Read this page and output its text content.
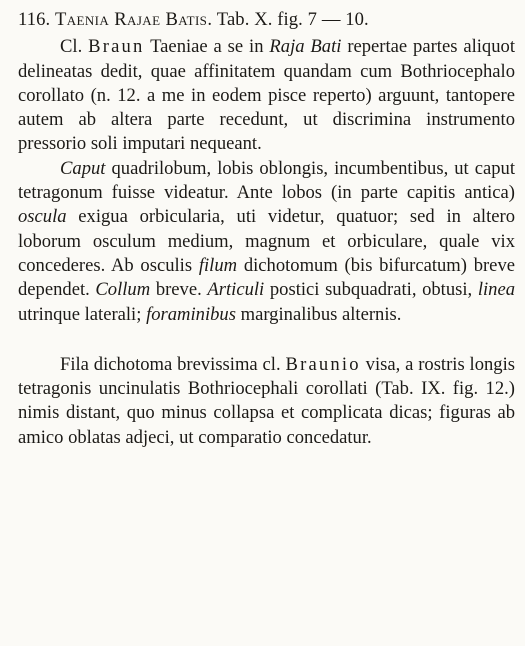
116. Taenia Rajae Batis. Tab. X. fig. 7 — 10.

Cl. Braun Taeniae a se in Raja Bati repertae partes aliquot delineatas dedit, quae affinitatem quandam cum Bothriocephalo corollato (n. 12. a me in eodem pisce reperto) arguunt, tantopere autem ab altera parte recedunt, ut discrimina instrumento pressorio soli imputari nequeant.

Caput quadrilobum, lobis oblongis, incumbentibus, ut caput tetragonum fuisse videatur. Ante lobos (in parte capitis antica) oscula exigua orbicularia, uti videtur, quatuor; sed in altero loborum osculum medium, magnum et orbiculare, quale vix concederes. Ab osculis filum dichotomum (bis bifurcatum) breve dependet. Collum breve. Articuli postici subquadrati, obtusi, linea utrinque laterali; foraminibus marginalibus alternis.

Fila dichotoma brevissima cl. Braunio visa, a rostris longis tetragonis uncinulatis Bothriocephali corollati (Tab. IX. fig. 12.) nimis distant, quo minus collapsa et complicata dicas; figuras ab amico oblatas adjeci, ut comparatio concedatur.
